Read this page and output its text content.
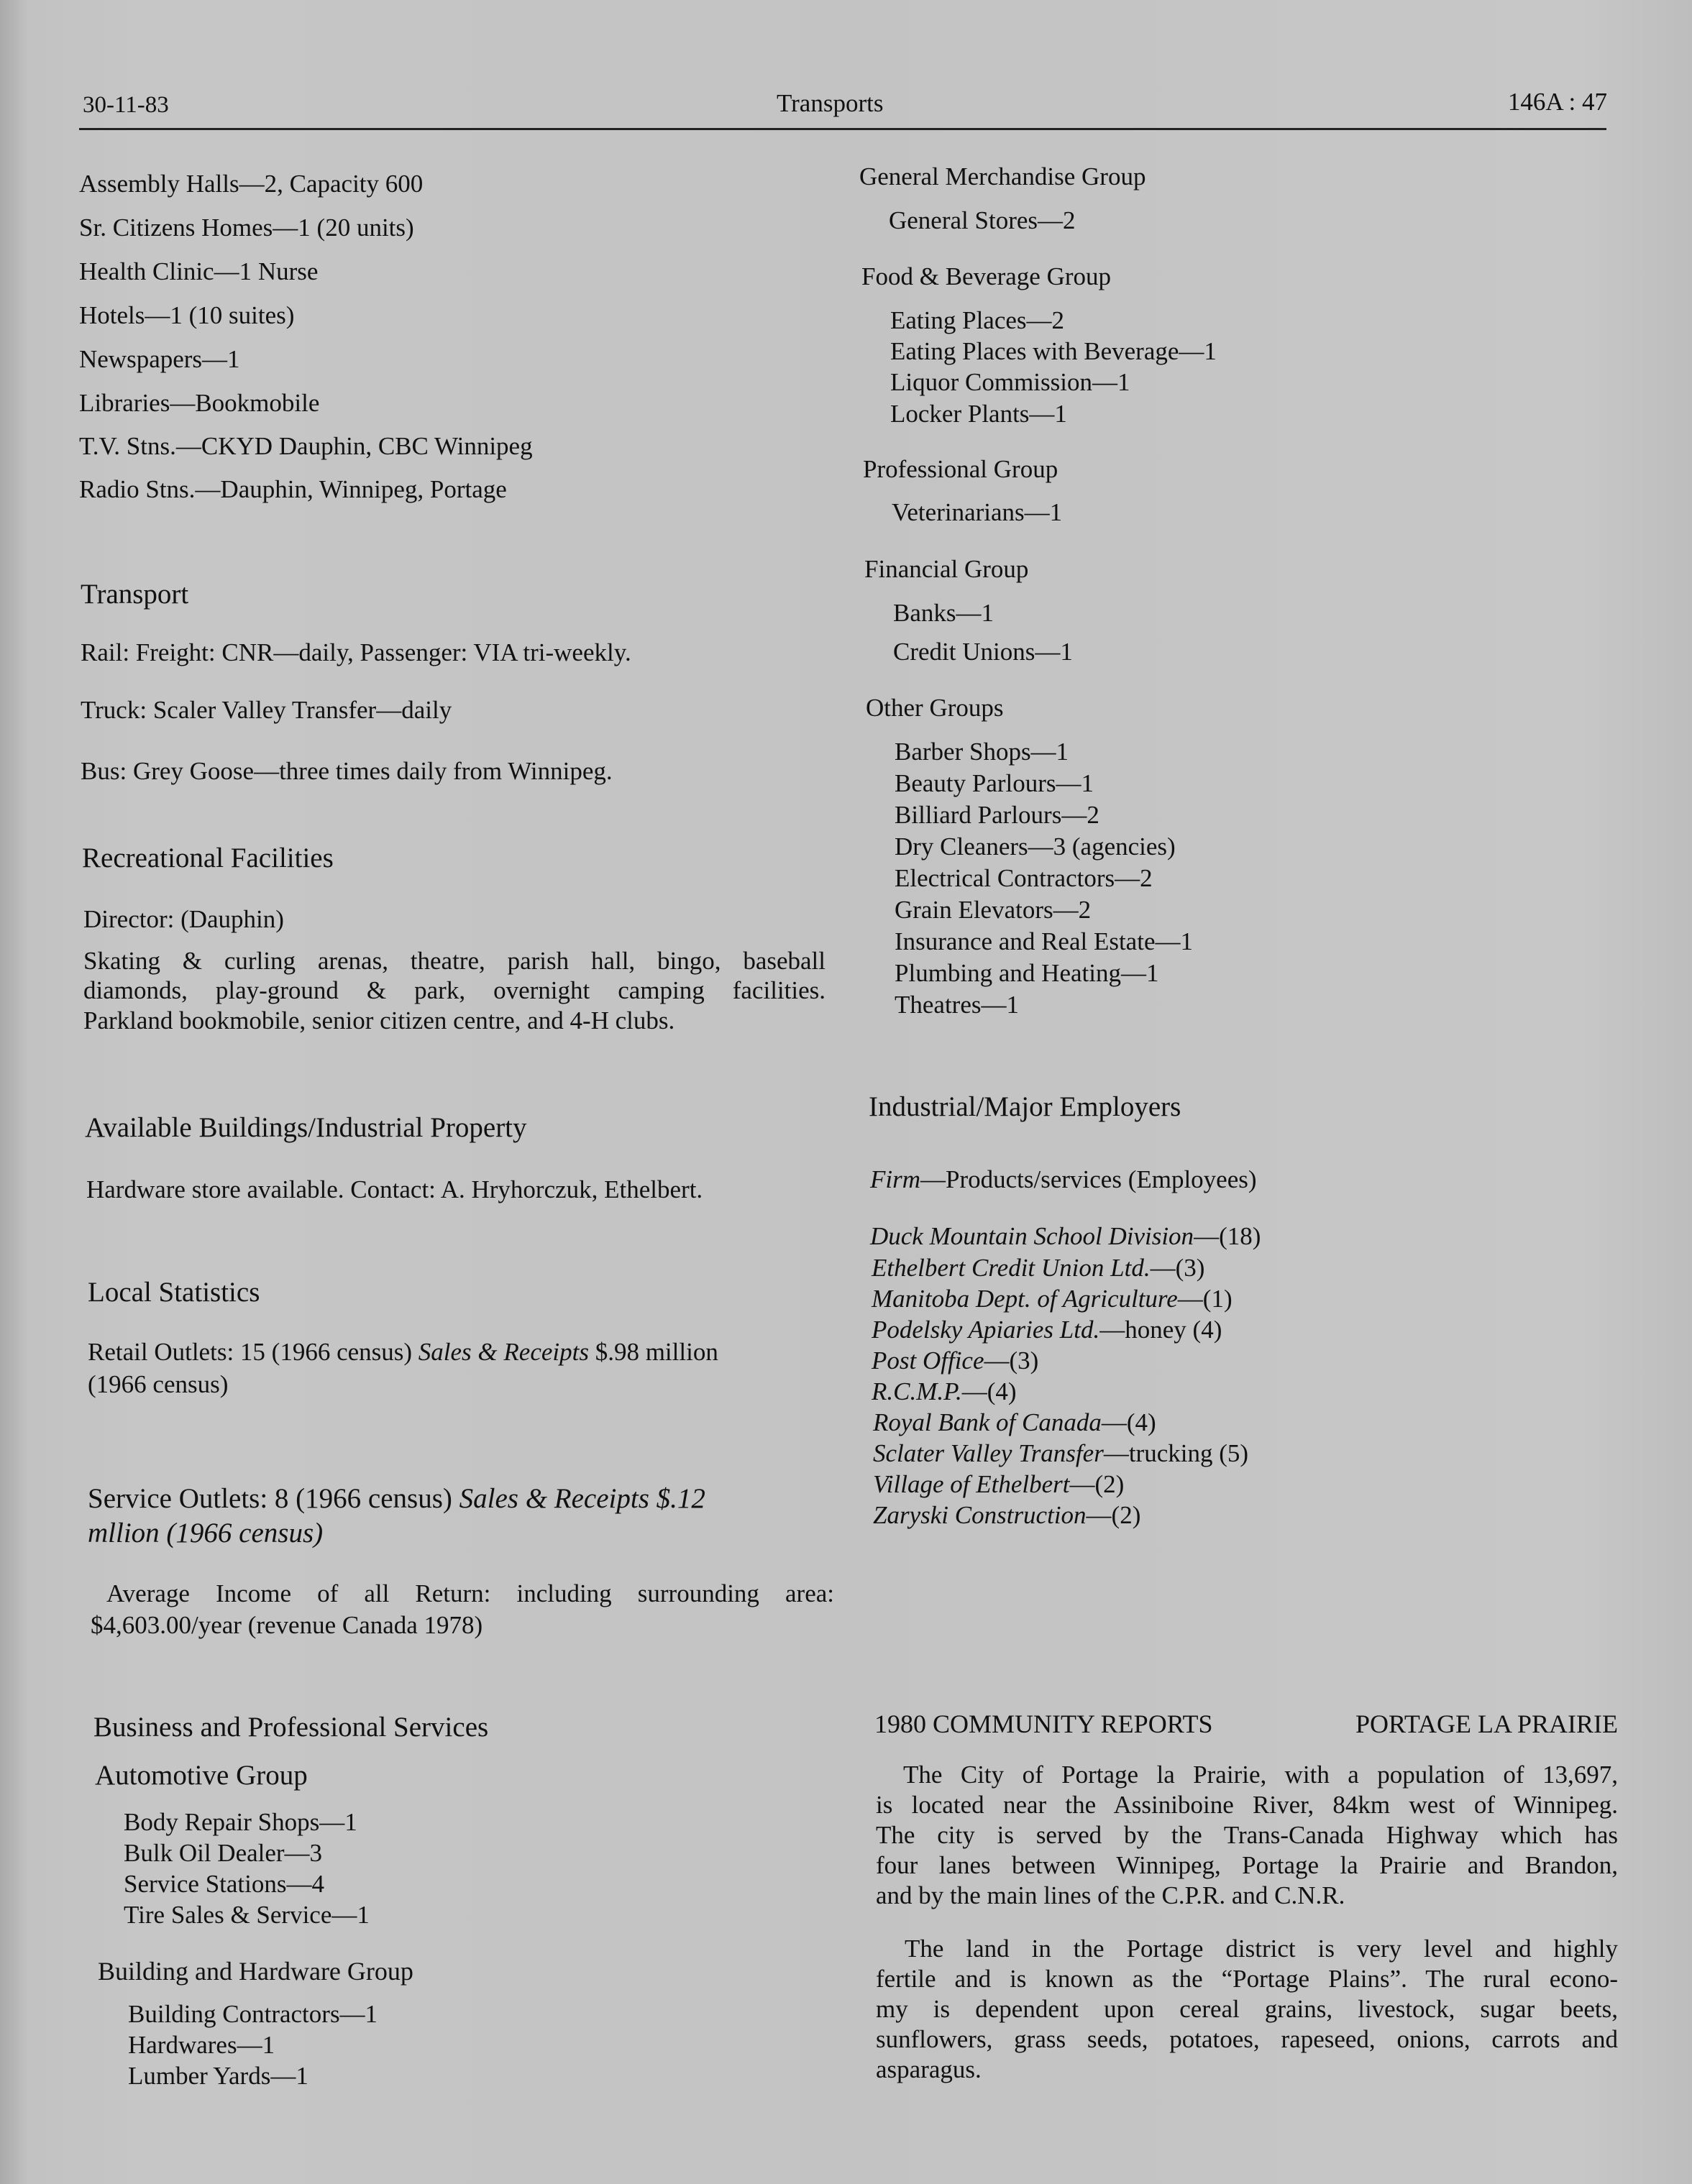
30-11-83	Transports	146A : 47
Assembly Halls—2, Capacity 600
Sr. Citizens Homes—1 (20 units)
Health Clinic—1 Nurse
Hotels—1 (10 suites)
Newspapers—1
Libraries—Bookmobile
T.V. Stns.—CKYD Dauphin, CBC Winnipeg
Radio Stns.—Dauphin, Winnipeg, Portage
Transport
Rail: Freight: CNR—daily, Passenger: VIA tri-weekly.
Truck: Scaler Valley Transfer—daily
Bus: Grey Goose—three times daily from Winnipeg.
Recreational Facilities
Director: (Dauphin)
Skating & curling arenas, theatre, parish hall, bingo, baseball
diamonds, play-ground & park, overnight camping facilities.
Parkland bookmobile, senior citizen centre, and 4-H clubs.
Available Buildings/Industrial Property
Hardware store available. Contact: A. Hryhorczuk, Ethelbert.
Local Statistics
Retail Outlets: 15 (1966 census) Sales & Receipts $.98 million
(1966 census)
Service Outlets: 8 (1966 census) Sales & Receipts $.12
mllion (1966 census)
Average Income of all Return: including surrounding area:
$4,603.00/year (revenue Canada 1978)
Business and Professional Services
Automotive Group
Body Repair Shops—1
Bulk Oil Dealer—3
Service Stations—4
Tire Sales & Service—1
Building and Hardware Group
Building Contractors—1
Hardwares—1
Lumber Yards—1
General Merchandise Group
General Stores—2
Food & Beverage Group
Eating Places—2
Eating Places with Beverage—1
Liquor Commission—1
Locker Plants—1
Professional Group
Veterinarians—1
Financial Group
Banks—1
Credit Unions—1
Other Groups
Barber Shops—1
Beauty Parlours—1
Billiard Parlours—2
Dry Cleaners—3 (agencies)
Electrical Contractors—2
Grain Elevators—2
Insurance and Real Estate—1
Plumbing and Heating—1
Theatres—1
Industrial/Major Employers
Firm—Products/services (Employees)
Duck Mountain School Division—(18)
Ethelbert Credit Union Ltd.—(3)
Manitoba Dept. of Agriculture—(1)
Podelsky Apiaries Ltd.—honey (4)
Post Office—(3)
R.C.M.P.—(4)
Royal Bank of Canada—(4)
Sclater Valley Transfer—trucking (5)
Village of Ethelbert—(2)
Zaryski Construction—(2)
1980 COMMUNITY REPORTS	PORTAGE LA PRAIRIE
The City of Portage la Prairie, with a population of 13,697,
is located near the Assiniboine River, 84km west of Winnipeg.
The city is served by the Trans-Canada Highway which has
four lanes between Winnipeg, Portage la Prairie and Brandon,
and by the main lines of the C.P.R. and C.N.R.
The land in the Portage district is very level and highly
fertile and is known as the “Portage Plains”. The rural econo-
my is dependent upon cereal grains, livestock, sugar beets,
sunflowers, grass seeds, potatoes, rapeseed, onions, carrots and
asparagus.
